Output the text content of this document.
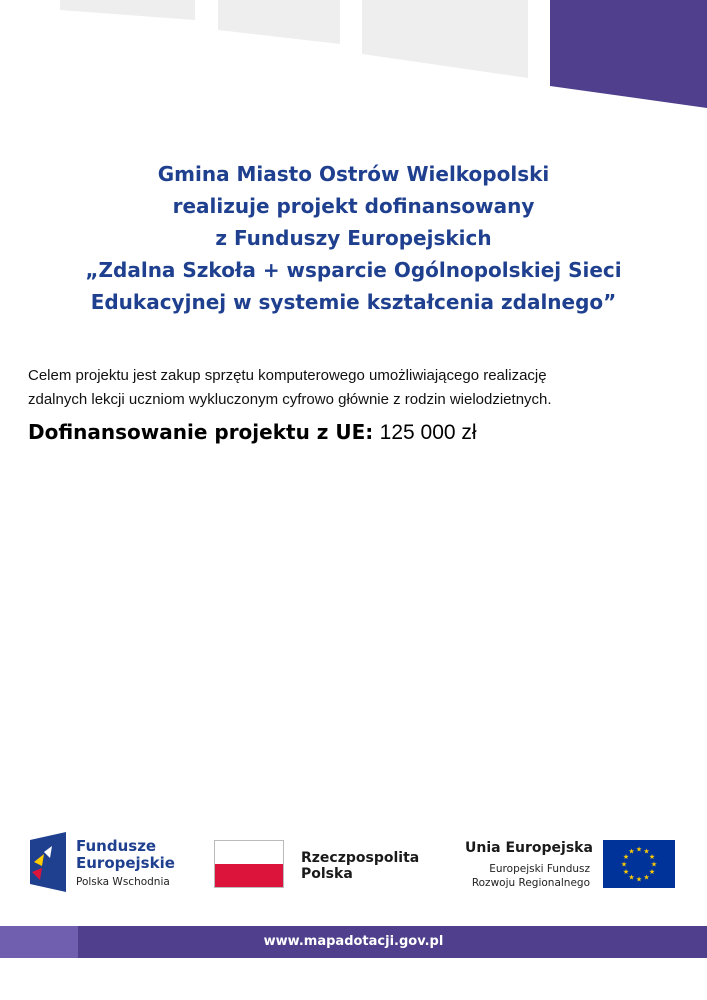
Gmina Miasto Ostrów Wielkopolski
realizuje projekt dofinansowany
z Funduszy Europejskich
„Zdalna Szkoła + wsparcie Ogólnopolskiej Sieci
Edukacyjnej w systemie kształcenia zdalnego”
Celem projektu jest zakup sprzętu komputerowego umożliwiającego realizację
zdalnych lekcji uczniom wykluczonym cyfrowo głównie z rodzin wielodzietnych.
Dofinansowanie projektu z UE: 125 000 zł
Fundusze
Europejskie
Polska Wschodnia
Rzeczpospolita
Polska
Unia Europejska
Europejski Fundusz
Rozwoju Regionalnego
★ ★
★
★
★
★
★
★
★
★
★
★
www.mapadotacji.gov.pl
